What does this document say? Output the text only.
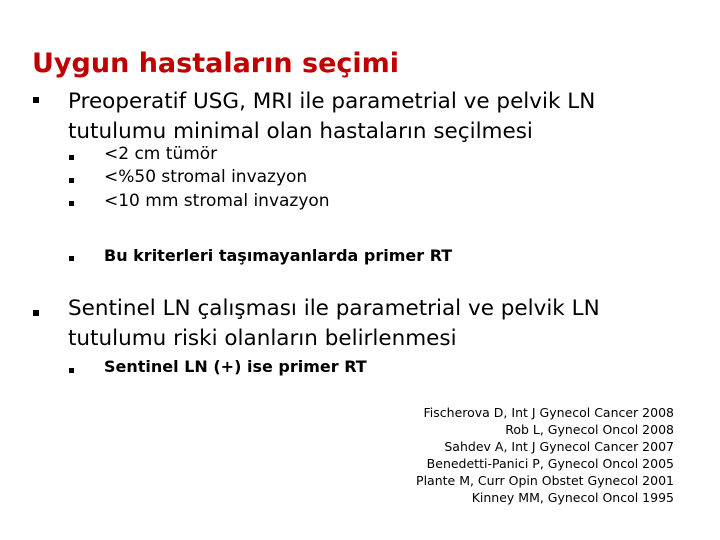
Uygun hastaların seçimi
Preoperatif USG, MRI ile parametrial ve pelvik LN
tutulumu minimal olan hastaların seçilmesi
<2 cm tümör
<%50 stromal invazyon
<10 mm stromal invazyon
Bu kriterleri taşımayanlarda primer RT
Sentinel LN çalışması ile parametrial ve pelvik LN
tutulumu riski olanların belirlenmesi
Sentinel LN (+) ise primer RT
Fischerova D, Int J Gynecol Cancer 2008
Rob L, Gynecol Oncol 2008
Sahdev A, Int J Gynecol Cancer 2007
Benedetti-Panici P, Gynecol Oncol 2005
Plante M, Curr Opin Obstet Gynecol 2001
Kinney MM, Gynecol Oncol 1995
